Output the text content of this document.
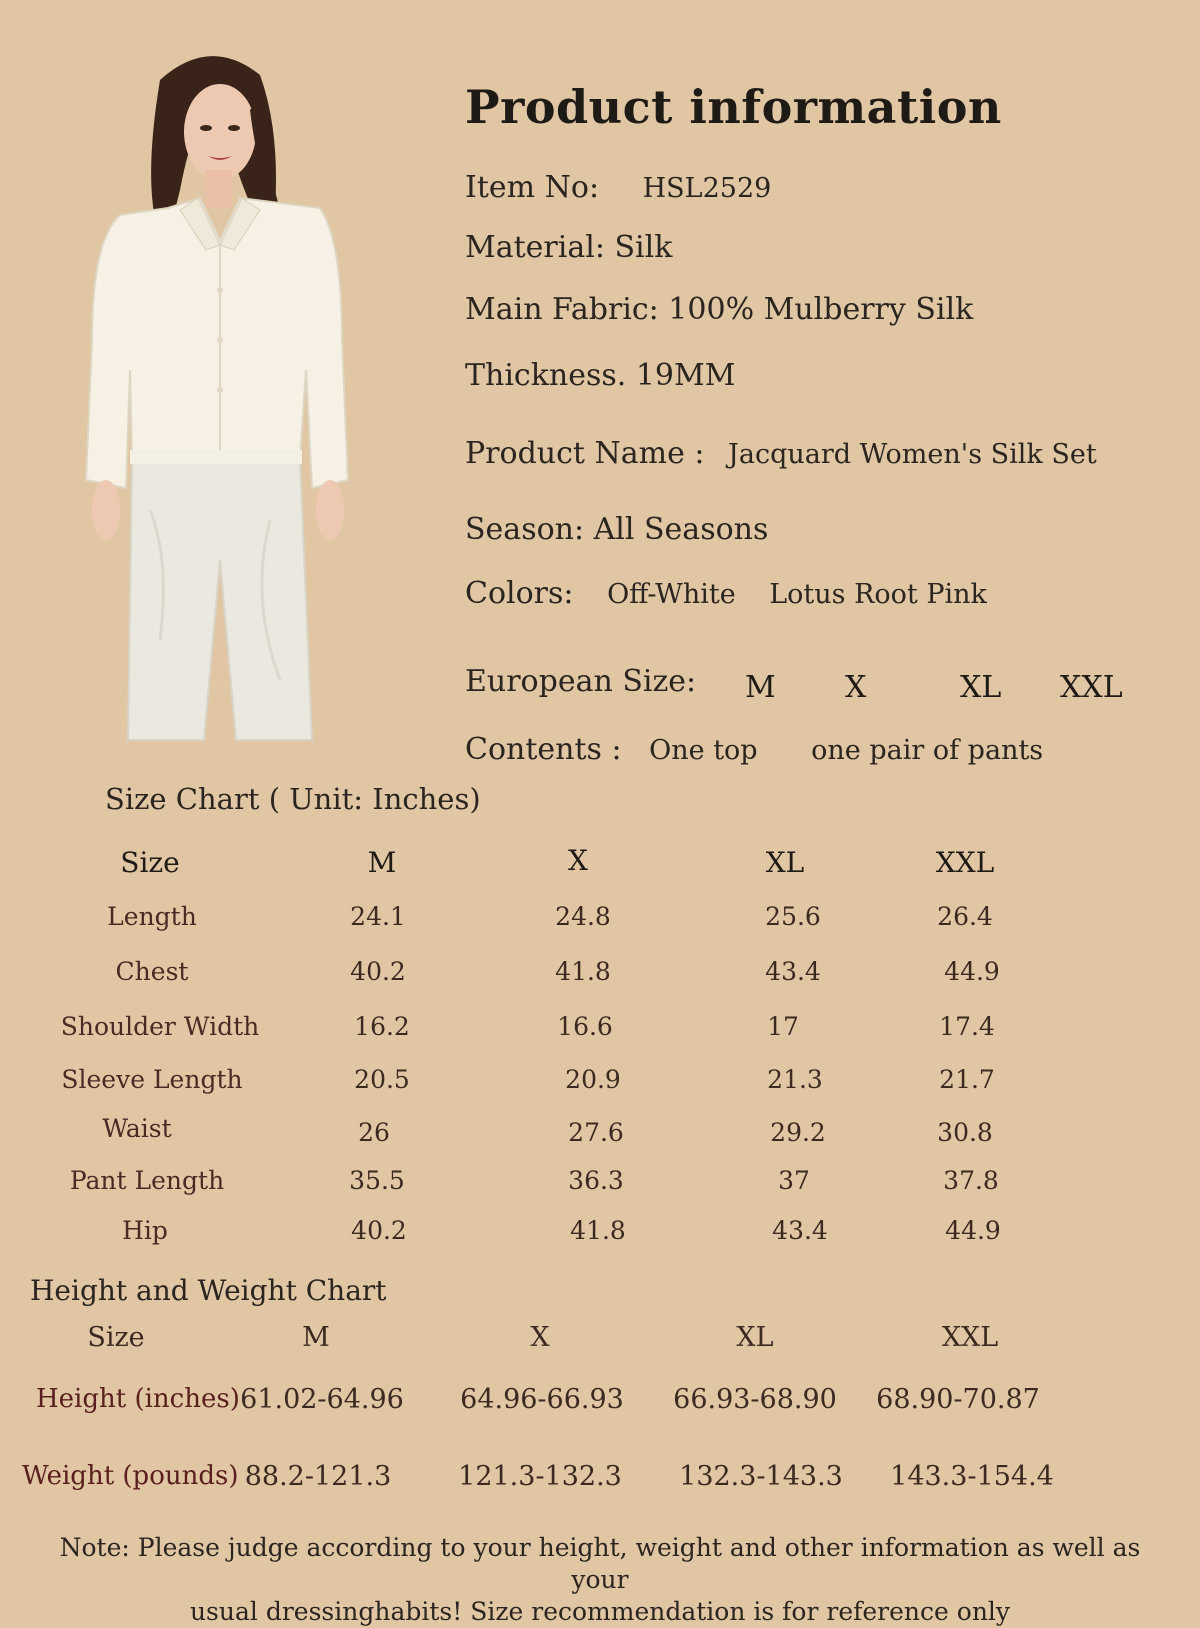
Product information
Item No: HSL2529
Material: Silk
Main Fabric: 100% Mulberry Silk
Thickness. 19MM
Product Name : Jacquard Women's Silk Set
Season: All Seasons
Colors: Off-White Lotus Root Pink
European Size: M X	XL XXL
Contents : One top one pair of pants
Size Chart ( Unit: Inches)
Size	M	X	XL	XXL
Length	24.1	24.8	25.6	26.4
Chest	40.2	41.8	43.4	44.9
Shoulder Width	16.2	16.6	17	17.4
Sleeve Length	20.5	20.9	21.3	21.7
Waist	26	27.6	29.2	30.8
Pant Length	35.5	36.3	37	37.8
Hip	40.2	41.8	43.4	44.9
Height and Weight Chart
Size	M	X	XL	XXL
Height (inches) 61.02-64.96 64.96-66.93 66.93-68.90 68.90-70.87
Weight (pounds) 88.2-121.3 121.3-132.3 132.3-143.3 143.3-154.4
Note: Please judge according to your height, weight and other information as well as your
usual dressinghabits! Size recommendation is for reference only
